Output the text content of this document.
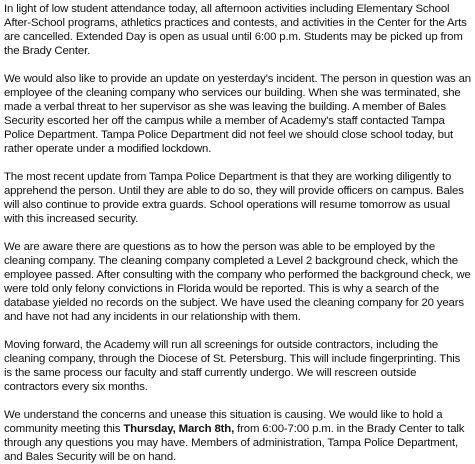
In light of low student attendance today, all afternoon activities including Elementary School After-School programs, athletics practices and contests, and activities in the Center for the Arts are cancelled. Extended Day is open as usual until 6:00 p.m. Students may be picked up from the Brady Center.

We would also like to provide an update on yesterday's incident. The person in question was an employee of the cleaning company who services our building. When she was terminated, she made a verbal threat to her supervisor as she was leaving the building. A member of Bales Security escorted her off the campus while a member of Academy's staff contacted Tampa Police Department. Tampa Police Department did not feel we should close school today, but rather operate under a modified lockdown.

The most recent update from Tampa Police Department is that they are working diligently to apprehend the person. Until they are able to do so, they will provide officers on campus. Bales will also continue to provide extra guards. School operations will resume tomorrow as usual with this increased security.

We are aware there are questions as to how the person was able to be employed by the cleaning company. The cleaning company completed a Level 2 background check, which the employee passed. After consulting with the company who performed the background check, we were told only felony convictions in Florida would be reported. This is why a search of the database yielded no records on the subject. We have used the cleaning company for 20 years and have not had any incidents in our relationship with them.

Moving forward, the Academy will run all screenings for outside contractors, including the cleaning company, through the Diocese of St. Petersburg. This will include fingerprinting. This is the same process our faculty and staff currently undergo. We will rescreen outside contractors every six months.

We understand the concerns and unease this situation is causing. We would like to hold a community meeting this Thursday, March 8th, from 6:00-7:00 p.m. in the Brady Center to talk through any questions you may have. Members of administration, Tampa Police Department, and Bales Security will be on hand.
